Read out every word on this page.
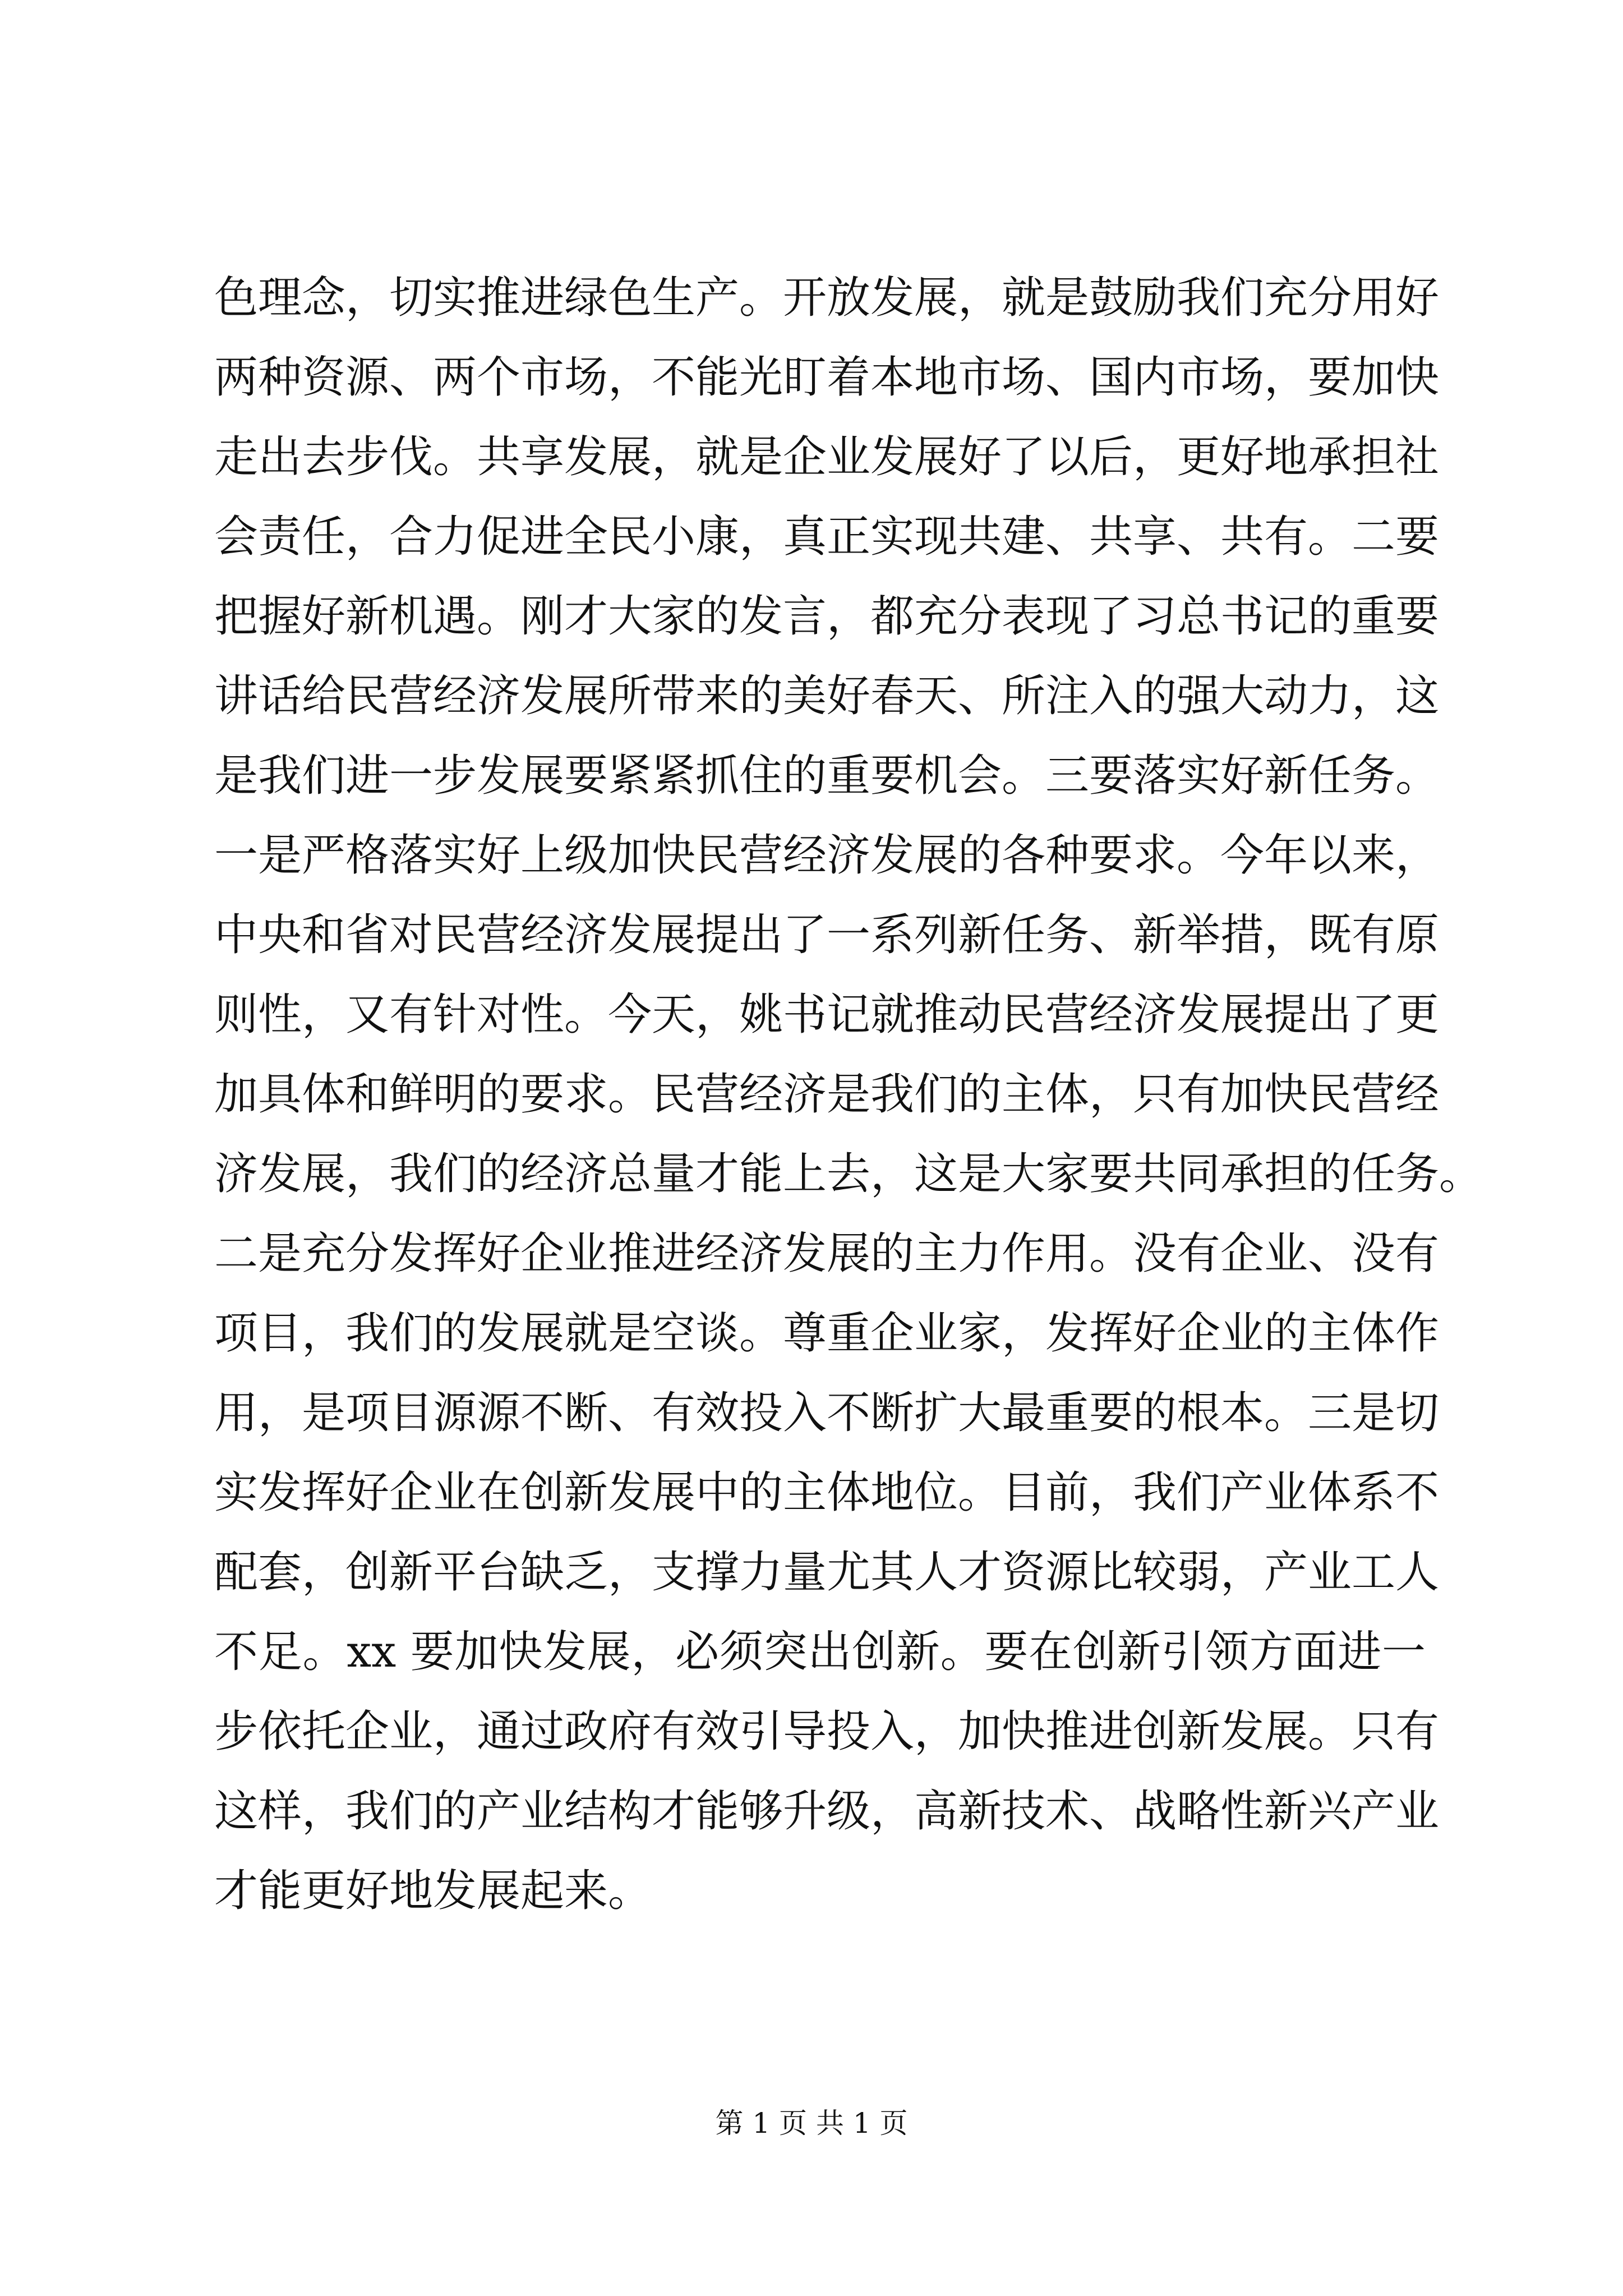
色理念，切实推进绿色生产。开放发展，就是鼓励我们充分用好
两种资源、两个市场，不能光盯着本地市场、国内市场，要加快
走出去步伐。共享发展，就是企业发展好了以后，更好地承担社
会责任，合力促进全民小康，真正实现共建、共享、共有。二要
把握好新机遇。刚才大家的发言，都充分表现了习总书记的重要
讲话给民营经济发展所带来的美好春天、所注入的强大动力，这
是我们进一步发展要紧紧抓住的重要机会。三要落实好新任务。
一是严格落实好上级加快民营经济发展的各种要求。今年以来，
中央和省对民营经济发展提出了一系列新任务、新举措，既有原
则性，又有针对性。今天，姚书记就推动民营经济发展提出了更
加具体和鲜明的要求。民营经济是我们的主体，只有加快民营经
济发展，我们的经济总量才能上去，这是大家要共同承担的任务。
二是充分发挥好企业推进经济发展的主力作用。没有企业、没有
项目，我们的发展就是空谈。尊重企业家，发挥好企业的主体作
用，是项目源源不断、有效投入不断扩大最重要的根本。三是切
实发挥好企业在创新发展中的主体地位。目前，我们产业体系不
配套，创新平台缺乏，支撑力量尤其人才资源比较弱，产业工人
不足。xx 要加快发展，必须突出创新。要在创新引领方面进一
步依托企业，通过政府有效引导投入，加快推进创新发展。只有
这样，我们的产业结构才能够升级，高新技术、战略性新兴产业
才能更好地发展起来。
第 1 页 共 1 页
